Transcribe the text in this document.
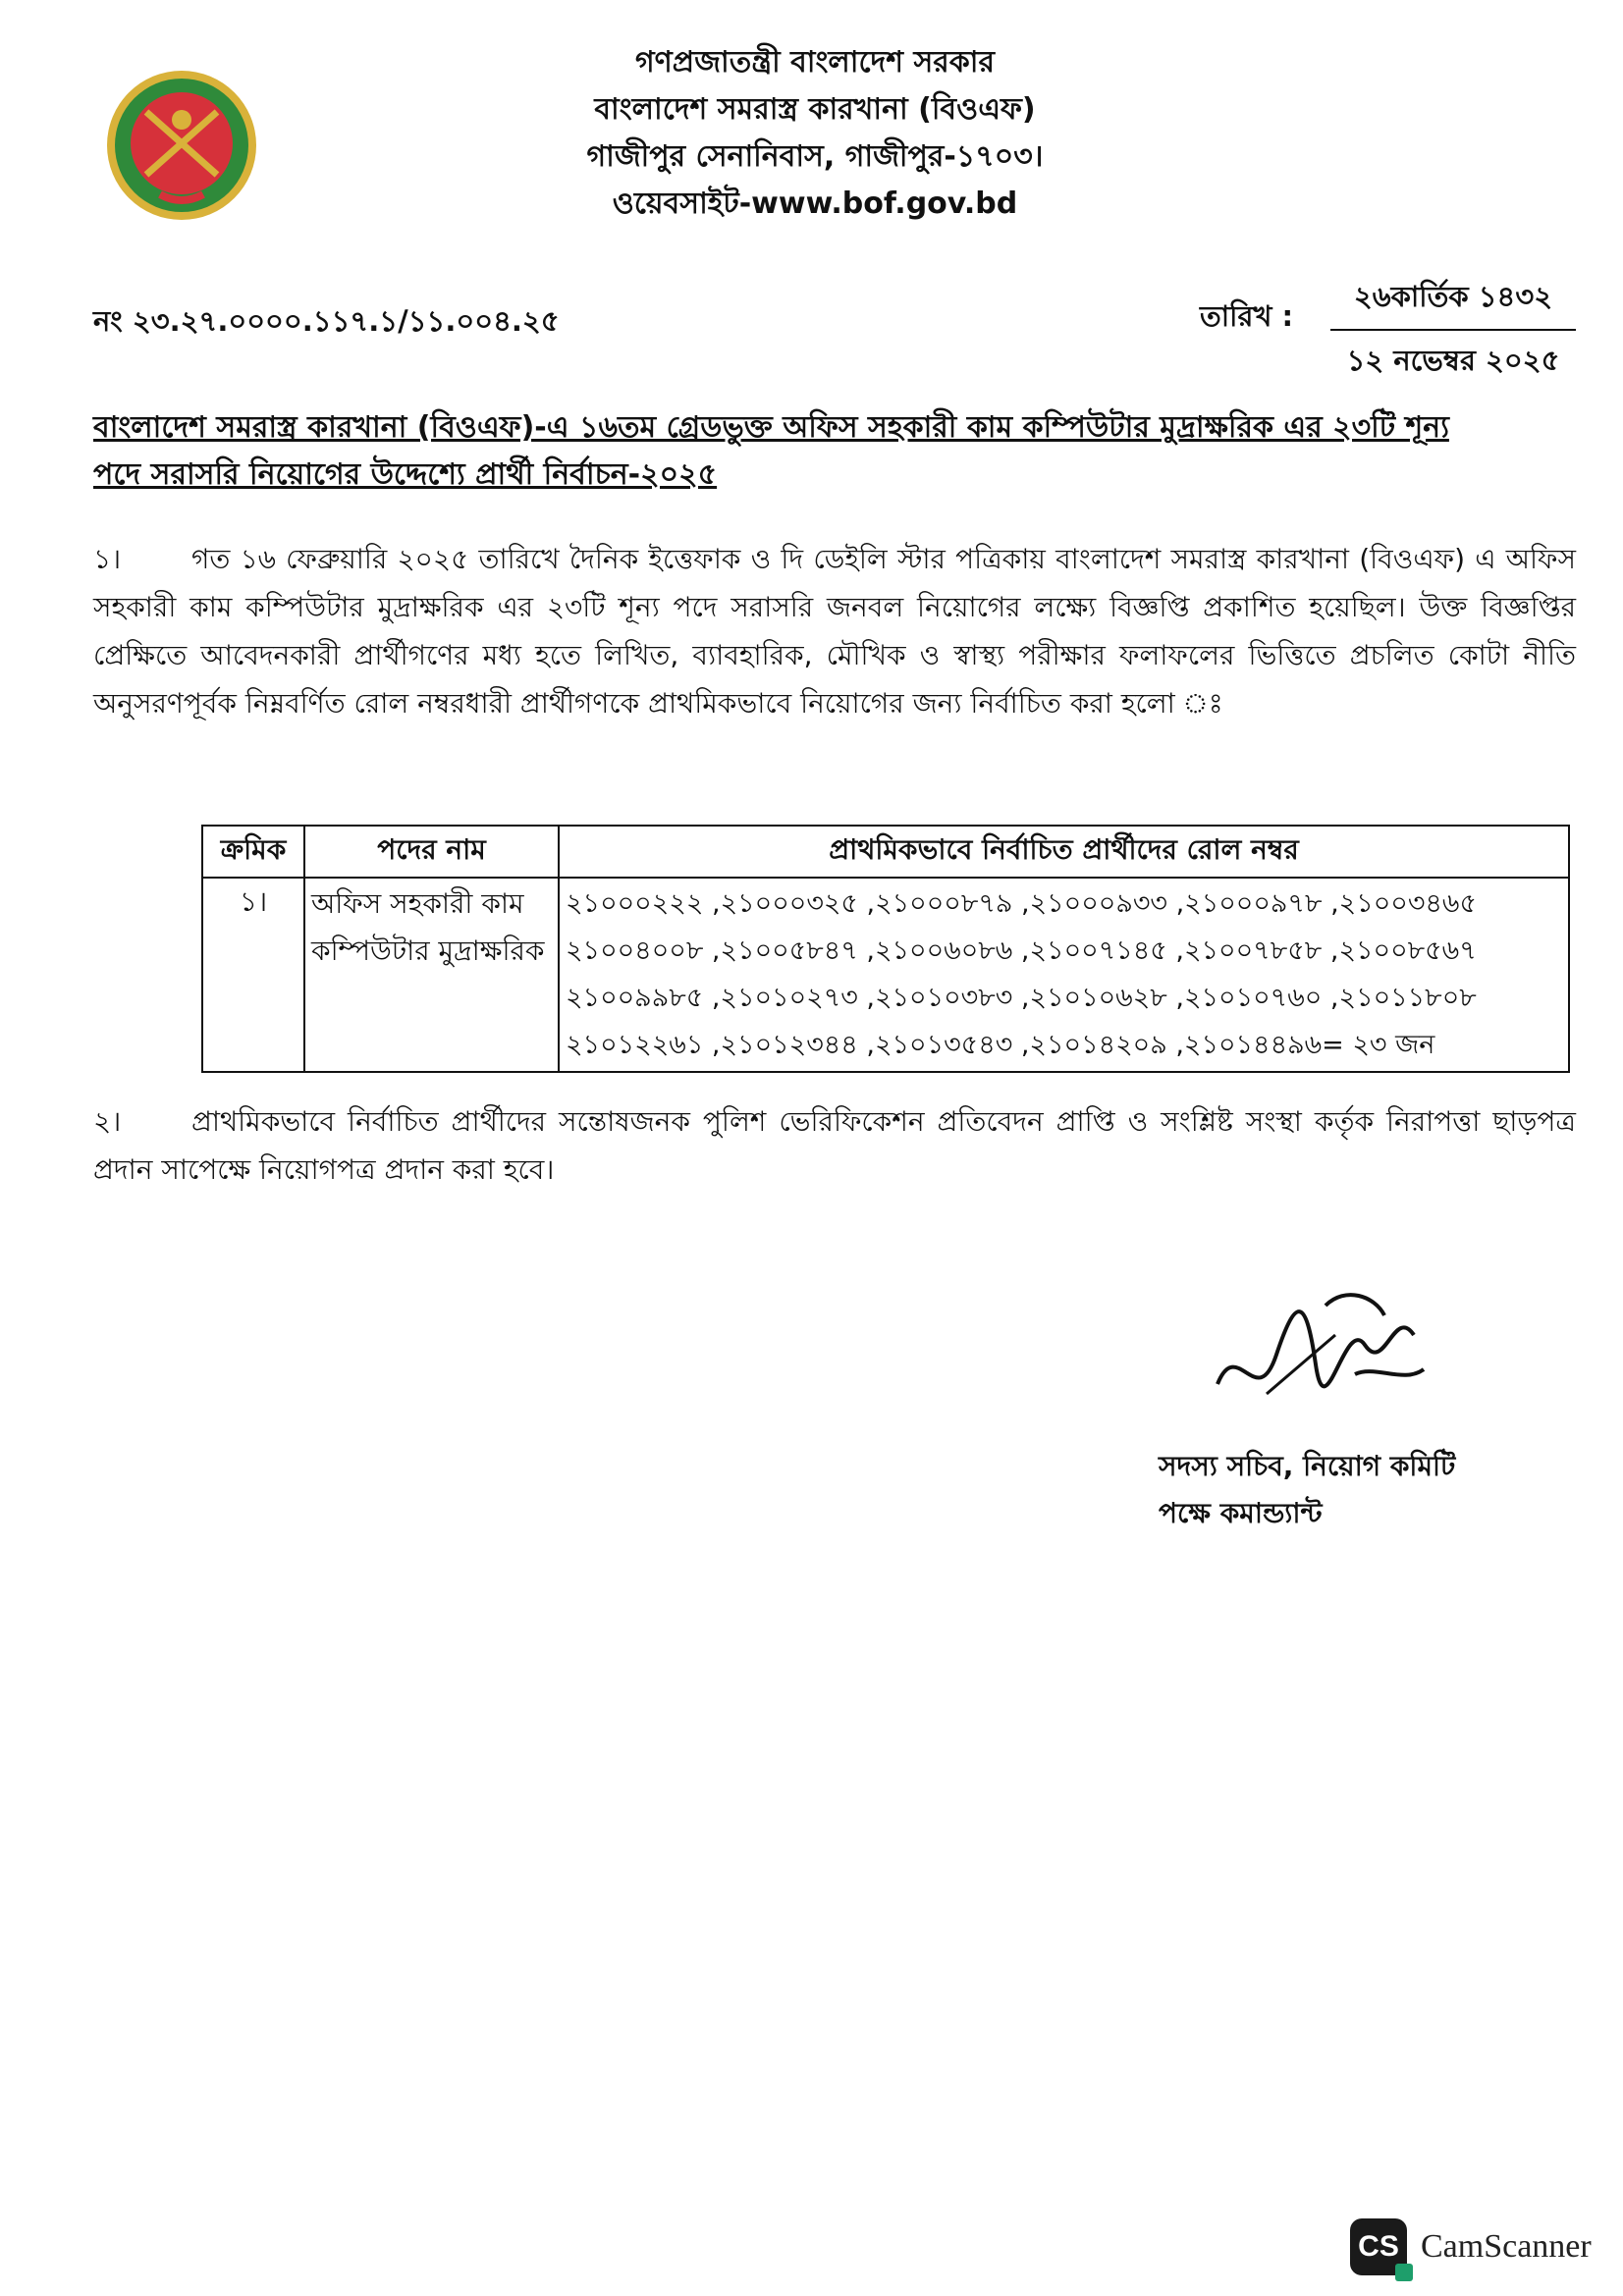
গণপ্রজাতন্ত্রী বাংলাদেশ সরকার
বাংলাদেশ সমরাস্ত্র কারখানা (বিওএফ)
গাজীপুর সেনানিবাস, গাজীপুর-১৭০৩।
ওয়েবসাইট-www.bof.gov.bd
নং ২৩.২৭.০০০০.১১৭.১/১১.০০৪.২৫	তারিখ :
২৬কার্তিক ১৪৩২
১২ নভেম্বর ২০২৫
বাংলাদেশ সমরাস্ত্র কারখানা (বিওএফ)-এ ১৬তম গ্রেডভুক্ত অফিস সহকারী কাম কম্পিউটার মুদ্রাক্ষরিক এর ২৩টি শূন্য
পদে সরাসরি নিয়োগের উদ্দেশ্যে প্রার্থী নির্বাচন-২০২৫
১।	গত ১৬ ফেব্রুয়ারি ২০২৫ তারিখে দৈনিক ইত্তেফাক ও দি ডেইলি স্টার পত্রিকায় বাংলাদেশ সমরাস্ত্র কারখানা (বিওএফ) এ অফিস সহকারী কাম কম্পিউটার মুদ্রাক্ষরিক এর ২৩টি শূন্য পদে সরাসরি জনবল নিয়োগের লক্ষ্যে বিজ্ঞপ্তি প্রকাশিত হয়েছিল। উক্ত বিজ্ঞপ্তির প্রেক্ষিতে আবেদনকারী প্রার্থীগণের মধ্য হতে লিখিত, ব্যাবহারিক, মৌখিক ও স্বাস্থ্য পরীক্ষার ফলাফলের ভিত্তিতে প্রচলিত কোটা নীতি অনুসরণপূর্বক নিম্নবর্ণিত রোল নম্বরধারী প্রার্থীগণকে প্রাথমিকভাবে নিয়োগের জন্য নির্বাচিত করা হলো ঃ
ক্রমিক	পদের নাম	প্রাথমিকভাবে নির্বাচিত প্রার্থীদের রোল নম্বর
১।	অফিস সহকারী কাম কম্পিউটার মুদ্রাক্ষরিক	২১০০০২২২ ,২১০০০৩২৫ ,২১০০০৮৭৯ ,২১০০০৯৩৩ ,২১০০০৯৭৮ ,২১০০৩৪৬৫
২১০০৪০০৮ ,২১০০৫৮৪৭ ,২১০০৬০৮৬ ,২১০০৭১৪৫ ,২১০০৭৮৫৮ ,২১০০৮৫৬৭
২১০০৯৯৮৫ ,২১০১০২৭৩ ,২১০১০৩৮৩ ,২১০১০৬২৮ ,২১০১০৭৬০ ,২১০১১৮০৮
২১০১২২৬১ ,২১০১২৩৪৪ ,২১০১৩৫৪৩ ,২১০১৪২০৯ ,২১০১৪৪৯৬= ২৩ জন
২।	প্রাথমিকভাবে নির্বাচিত প্রার্থীদের সন্তোষজনক পুলিশ ভেরিফিকেশন প্রতিবেদন প্রাপ্তি ও সংশ্লিষ্ট সংস্থা কর্তৃক নিরাপত্তা ছাড়পত্র প্রদান সাপেক্ষে নিয়োগপত্র প্রদান করা হবে।
সদস্য সচিব, নিয়োগ কমিটি
পক্ষে কমান্ড্যান্ট
CS CamScanner
